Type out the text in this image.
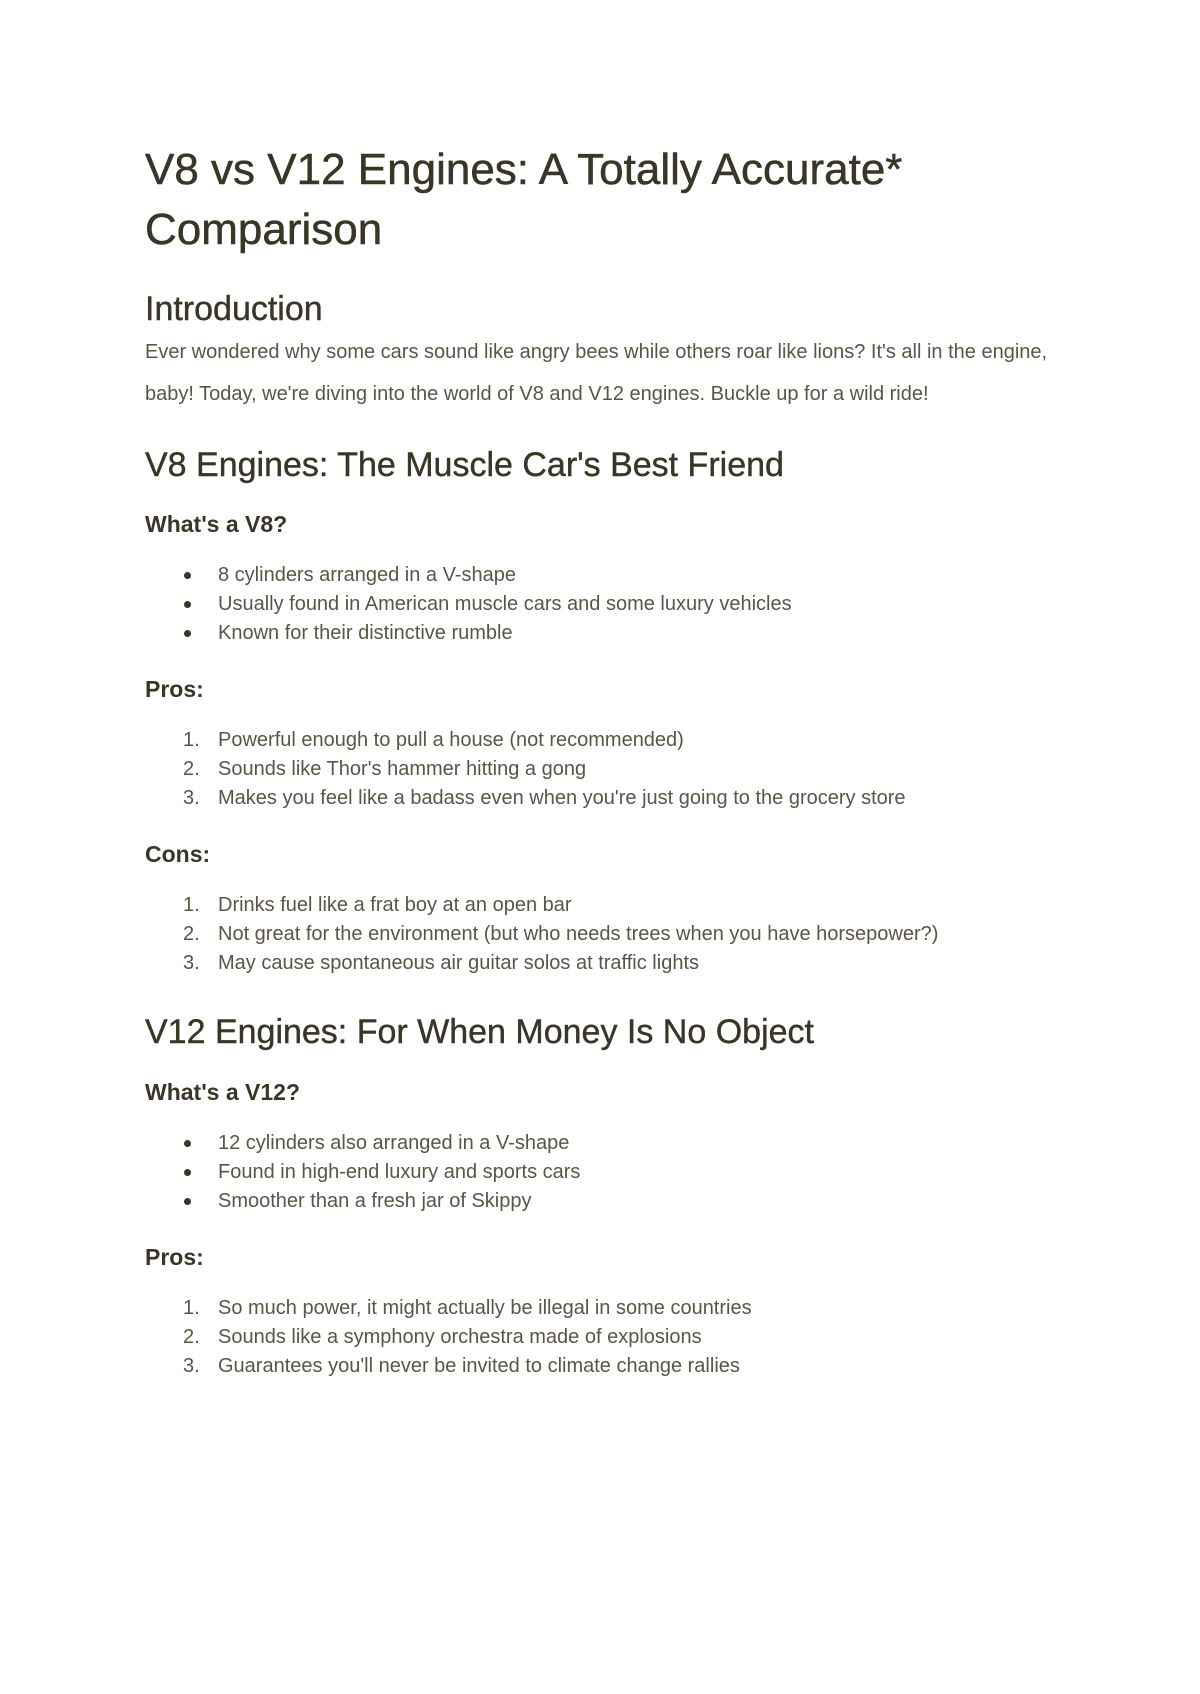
V8 vs V12 Engines: A Totally Accurate* Comparison
Introduction

Ever wondered why some cars sound like angry bees while others roar like lions? It's all in the engine, baby! Today, we're diving into the world of V8 and V12 engines. Buckle up for a wild ride!

V8 Engines: The Muscle Car's Best Friend
What's a V8?
8 cylinders arranged in a V-shape
Usually found in American muscle cars and some luxury vehicles
Known for their distinctive rumble
Pros:
1. Powerful enough to pull a house (not recommended)
2. Sounds like Thor's hammer hitting a gong
3. Makes you feel like a badass even when you're just going to the grocery store
Cons:
1. Drinks fuel like a frat boy at an open bar
2. Not great for the environment (but who needs trees when you have horsepower?)
3. May cause spontaneous air guitar solos at traffic lights
V12 Engines: For When Money Is No Object
What's a V12?
12 cylinders also arranged in a V-shape
Found in high-end luxury and sports cars
Smoother than a fresh jar of Skippy
Pros:
1. So much power, it might actually be illegal in some countries
2. Sounds like a symphony orchestra made of explosions
3. Guarantees you'll never be invited to climate change rallies
